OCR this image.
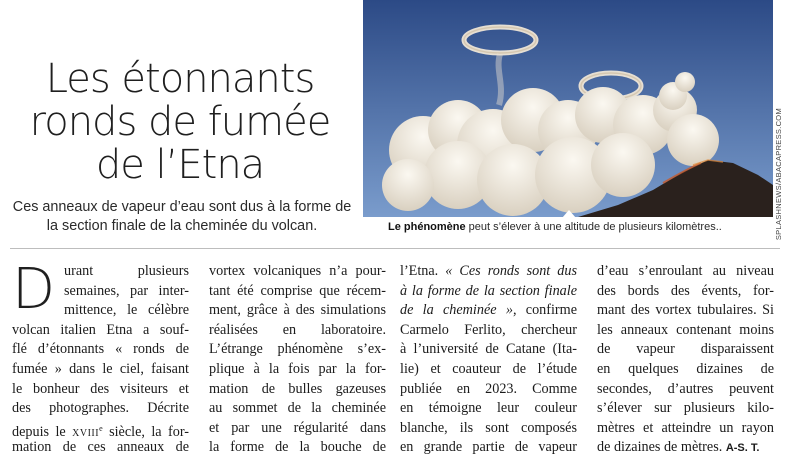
Les étonnants
ronds de fumée
de l’Etna

Ces anneaux de vapeur d’eau sont dus à la forme de la section finale de la cheminée du volcan.	SPLASHNEWS/ABACAPRESS.COM

Le phénomène peut s’élever à une altitude de plusieurs kilomètres..

D urant plusieurs
semaines, par inter-
mittence, le célèbre
volcan italien Etna a souf-
flé d’étonnants « ronds de
fumée » dans le ciel, faisant
le bonheur des visiteurs et
des photographes. Décrite
depuis le XVIIIe siècle, la for-
mation de ces anneaux de
vortex volcaniques n’a pour-
tant été comprise que récem-
ment, grâce à des simulations
réalisées en laboratoire.
L’étrange phénomène s’ex-
plique à la fois par la for-
mation de bulles gazeuses
au sommet de la cheminée
et par une régularité dans
la forme de la bouche de
l’Etna. « Ces ronds sont dus
à la forme de la section finale
de la cheminée », confirme
Carmelo Ferlito, chercheur
à l’université de Catane (Ita-
lie) et coauteur de l’étude
publiée en 2023. Comme
en témoigne leur couleur
blanche, ils sont composés
en grande partie de vapeur
d’eau s’enroulant au niveau
des bords des évents, for-
mant des vortex tubulaires. Si
les anneaux contenant moins
de vapeur disparaissent
en quelques dizaines de
secondes, d’autres peuvent
s’élever sur plusieurs kilo-
mètres et atteindre un rayon
de dizaines de mètres. A-S. T.
